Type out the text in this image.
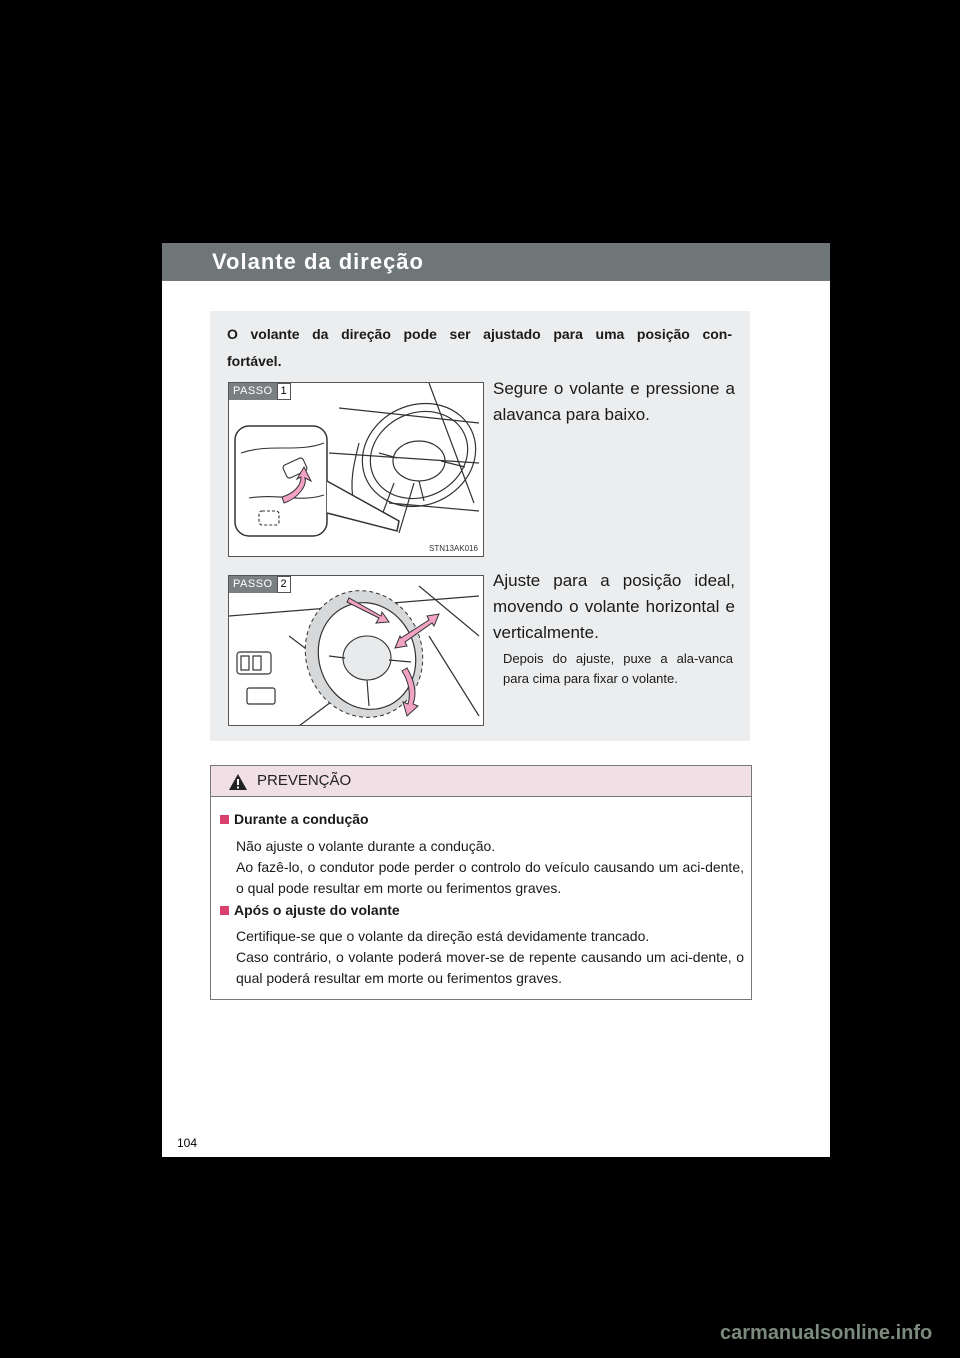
Volante da direção
O volante da direção pode ser ajustado para uma posição con-fortável.
PASSO 1
STN13AK016
Segure o volante e pressione a alavanca para baixo.
PASSO 2	Ajuste para a posição ideal, movendo o volante horizontal e verticalmente.
Depois do ajuste, puxe a ala-vanca para cima para fixar o volante.
PREVENÇÃO
Durante a condução
Não ajuste o volante durante a condução.
Ao fazê-lo, o condutor pode perder o controlo do veículo causando um aci-dente, o qual pode resultar em morte ou ferimentos graves.
Após o ajuste do volante
Certifique-se que o volante da direção está devidamente trancado.
Caso contrário, o volante poderá mover-se de repente causando um aci-dente, o qual poderá resultar em morte ou ferimentos graves.
104
carmanualsonline.info
